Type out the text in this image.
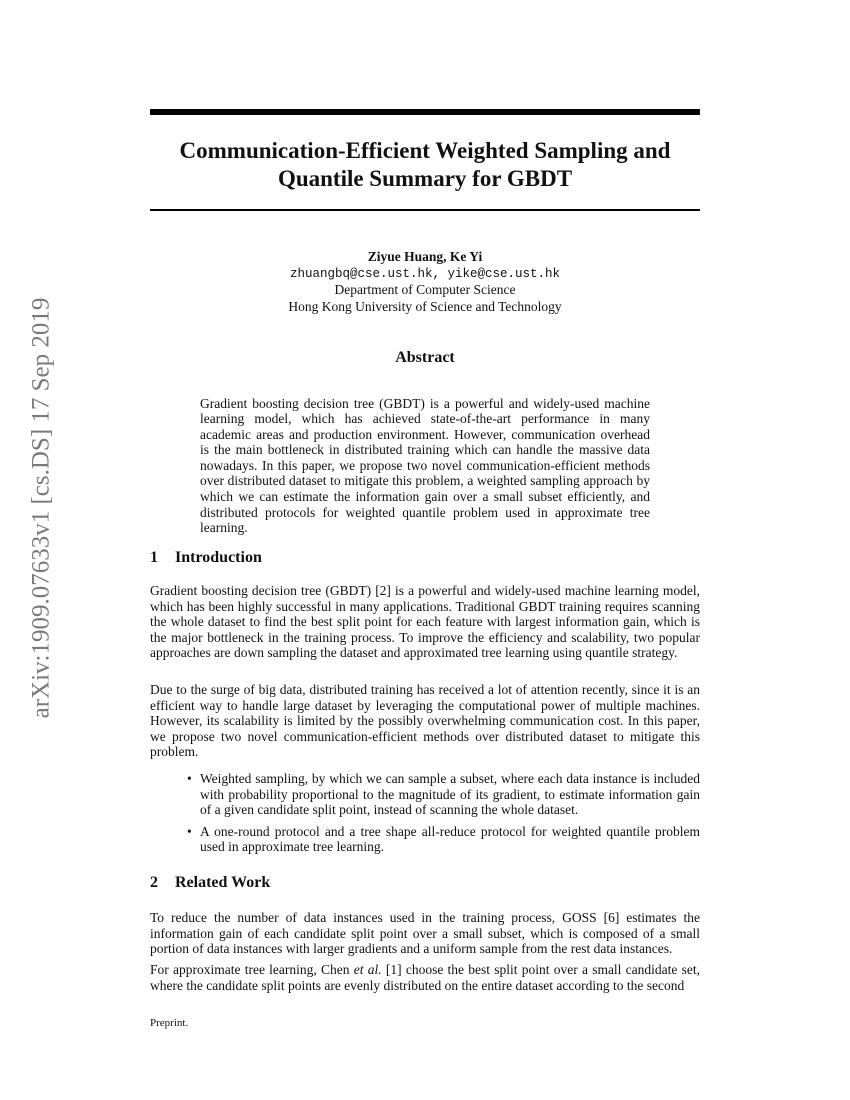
arXiv:1909.07633v1 [cs.DS] 17 Sep 2019
Communication-Efficient Weighted Sampling and
Quantile Summary for GBDT
Ziyue Huang, Ke Yi
zhuangbq@cse.ust.hk, yike@cse.ust.hk
Department of Computer Science
Hong Kong University of Science and Technology
Abstract

Gradient boosting decision tree (GBDT) is a powerful and widely-used machine learning model, which has achieved state-of-the-art performance in many academic areas and production environment. However, communication overhead is the main bottleneck in distributed training which can handle the massive data nowadays. In this paper, we propose two novel communication-efficient methods over distributed dataset to mitigate this problem, a weighted sampling approach by which we can estimate the information gain over a small subset efficiently, and distributed protocols for weighted quantile problem used in approximate tree learning.

1 Introduction

Gradient boosting decision tree (GBDT) [2] is a powerful and widely-used machine learning model, which has been highly successful in many applications. Traditional GBDT training requires scanning the whole dataset to find the best split point for each feature with largest information gain, which is the major bottleneck in the training process. To improve the efficiency and scalability, two popular approaches are down sampling the dataset and approximated tree learning using quantile strategy.

Due to the surge of big data, distributed training has received a lot of attention recently, since it is an efficient way to handle large dataset by leveraging the computational power of multiple machines. However, its scalability is limited by the possibly overwhelming communication cost. In this paper, we propose two novel communication-efficient methods over distributed dataset to mitigate this problem.

• Weighted sampling, by which we can sample a subset, where each data instance is included with probability proportional to the magnitude of its gradient, to estimate information gain of a given candidate split point, instead of scanning the whole dataset.
• A one-round protocol and a tree shape all-reduce protocol for weighted quantile problem used in approximate tree learning.
2 Related Work

To reduce the number of data instances used in the training process, GOSS [6] estimates the information gain of each candidate split point over a small subset, which is composed of a small portion of data instances with larger gradients and a uniform sample from the rest data instances.

For approximate tree learning, Chen et al. [1] choose the best split point over a small candidate set, where the candidate split points are evenly distributed on the entire dataset according to the second

Preprint.
